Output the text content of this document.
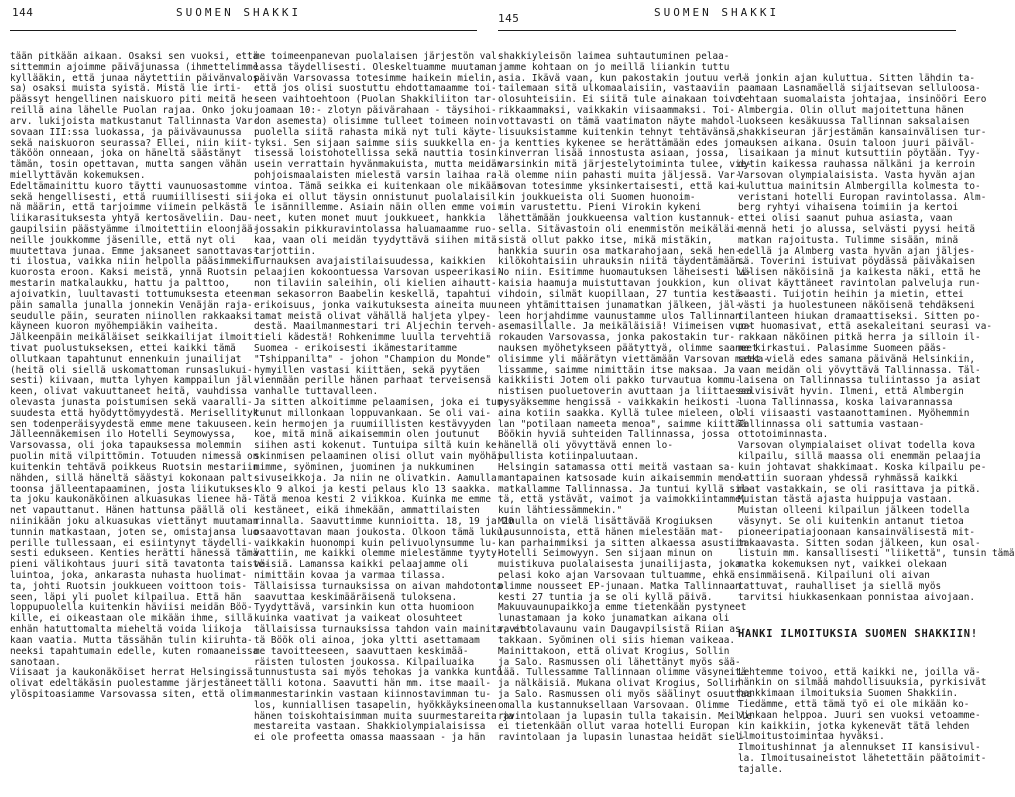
144	SUOMEN SHAKKI
tään pitkään aikaan. Osaksi sen vuoksi, että
sittemmin ajoimme päiväjunassa (ihmettelimme
kyllääkin, että junaa näytettiin päivänvalos-
sa) osaksi muista syistä. Mistä lie irti-
päässyt hengellinen naiskuoro piti meitä he-
reillä aina lähelle Puolan rajaa. Onko joku
arv. lukijoista matkustanut Tallinnasta Var-
sovaan III:ssa luokassa, ja päivävaunussa
sekä naiskuoron seurassa? Ellei, niin kiit-
täköön onneaan, joka on häneltä säästänyt
tämän, tosin opettavan, mutta sangen vähän
miellyttävän kokemuksen.
Edeltämainittu kuoro täytti vaunuosastomme
sekä hengellisesti, että ruumiillisesti sii-
nä määrin, että tarjoimme viimein pelkästä
liikarasituksesta yhtyä kertosäveliin. Dau-
gaupilsiin päästyämme ilmoitettiin eloonjää-
neille joukkomme jäsenille, että nyt oli
muutettava junaa. Emme jaksaneet sanottavas-
ti ilostua, vaikka niin helpolla pääsimmekin
kuorosta eroon. Kaksi meistä, ynnä Ruotsin
mestarin matkalaukku, hattu ja palttoo,
ajoivatkin, luultavasti tottumuksesta eteen-
päin samalla junalla jonnekin Venäjän raja-
seudulle päin, seuraten niinollen rakkaaksi
käyneen kuoron myöhempiäkin vaiheita.
Jälkeenpäin meikäläiset seikkailijat ilmoit-
tivat puolustukseksen, ettei kaikki tämä
ollutkaan tapahtunut ennenkuin junailijat
(heitä oli siellä uskomattoman runsaslukui-
sesti) kiivaan, mutta lyhyen kamppailun jäl-
keen, olivat vakuuttaneet heitä, vauhdissa
olevasta junasta poistumisen sekä vaaralli-
suudesta että hyödyttömyydestä. Merisellityk-
sen todenperäisyydestä emme mene takuuseen.
Jälleennäkemisen ilo Hotelli Seymowyssa,
Varsovassa, oli joka tapauksessa molemmin
puolin mitä vilpittömin. Totuuden nimessä on
kuitenkin tehtävä poikkeus Ruotsin mestariin
nähden, sillä häneltä säästyi kokonaan palt-
toonsa jälleentapaaminen, josta liikutukses-
ta joku kaukonäköinen alkuasukas lienee hä-
net vapauttanut. Hänen hattunsa päällä oli
niinikään joku alkuasukas viettänyt muutaman
tunnin matkastaan, joten se, omistajansa luo
perille tullessaan, ei esiintynyt täydelli-
sesti edukseen. Kenties herätti hänessä tämä
pieni välikohtaus juuri sitä tavatonta taiste-
luintoa, joka, ankarasta nuhasta huolimat-
ta, johti Ruotsin joukkueen voittoon tois-
seen, läpi yli puolet kilpailua. Että hän
loppupuolella kuitenkin häviisi meidän Böö-
kille, ei oikeastaan ole mikään ihme, sillä
enhän hatuttomalta mieheltä voida liikoja
kaan vaatia. Mutta tässähän tulin kiiruhta-
neeksi tapahtumain edelle, kuten romaaneissa
sanotaan.
Viisaat ja kaukonäköiset herrat Helsingissä
olivat edeltäkäsin puolestamme järjestäneet
ylöspitoasiamme Varsovassa siten, että olim-
me toimeenpanevan puolalaisen järjestön val-
lassa täydellisesti. Oleskeltuamme muutaman
päivän Varsovassa totesimme haikein mielin,
että jos olisi suostuttu ehdottamaamme toi-
seen vaihtoehtoon (Puolan Shakkiliiton tar-
joamaan 10:- zlotyn päivärahaan - täysihoi-
don asemesta) olisimme tulleet toimeen noin
puolella siitä rahasta mikä nyt tuli käyte-
tyksi. Sen sijaan saimme siis suukkella en-
tisessä loistohotellissa sekä nauttia tosin
usein verrattain hyvänmakuista, mutta meidän
pohjoismaalaisten mielestä varsin laihaa ra-
vintoa. Tämä seikka ei kuitenkaan ole mikään
joka ei ollut täysin onnistunut puolalaisil-
le isännillemme. Asiain näin ollen emme voi-
neet, kuten monet muut joukkueet, hankkia
jossakin pikkuravintolassa haluamaamme ruo-
kaa, vaan oli meidän tyydyttävä siihen mitä
tarjottiin.
Turnauksen avajaistilaisuudessa, kaikkien
pelaajien kokoontuessa Varsovan uspeerikasi-
non tilaviin saleihin, oli kielien aihautt-
man sekasorron Baabelin keskellä, tapahtui
erikoisuus, jonka vaikutuksesta aineita muu
tamat meistä olivat vähällä haljeta ylpey-
destä. Maailmanmestari tri Aljechin terveh-
tieli kädestä! Rohkenimme luulla tervehtiä
Suomea - erikoisesti ikämestaritamme
"Tshippanilta" - johon "Champion du Monde"
hymyillen vastasi kiittäen, sekä pyytäen
vienmään perille hänen parhaat terveisensä
vanhalle tuttavalleen.
Ja sitten alkoitimme pelaamisen, joka ei tun-
tunut millonkaan loppuvankaan. Se oli vai-
kein hermojen ja ruumiillisten kestävyyden
koe, mitä minä aikaisemmin olen joutunut
siihen asti kokenut. Tuntuipa siltä kuin ke-
skinmisen pelaaminen olisi ollut vain myöhäi-
mimme, syöminen, juominen ja nukkuminen
sivuseikkoja. Ja niin ne olivatkin. Aamulla
klo 9 alkoi ja kesti pelaus klo 13 saakka.
Tätä menoa kesti 2 viikkoa. Kuinka me emme
kestäneet, eikä ihmekään, ammattilaisten
rinnalla. Saavuttimme kunnioitta. 18, 19 ja 20
osaavottavan maan joukosta. Olkoon tämä luku,
vaikkakin huonompi kuin pelivuolynsumme lu-
vattiin, me kaikki olemme mielestämme tyyty-
väisiä. Lamanssa kaikki pelaajamme oli
nimittäin kovaa ja varmaa tilassa.
Tällaisissa turnauksissa on aivan mahdotonta
saavuttaa keskimääräisenä tuloksena.
Tyydyttävä, varsinkin kun otta huomioon
kuinka vaativat ja vaikeat olosuhteet
tällaisissa turnauksissa tahdon vain mainita, et-
tä Böök oli ainoa, joka yltti asettamaam
me tavoitteeseen, saavuttaen keskimää-
räisten tulosten joukossa. Kilpailuaika
tunnustusta sai myös tehokas ja vankka kunto
tälli kotona. Saavutti hän mm. itse maail-
manmestarinkin vastaan kiinnostavimman tu-
los, kunniallisen tasapelin, hyökkäyksineen
hänen toiskohtaisimman muita suurmestareita ja
mestareita vastaan. Shakkiolympialaisissa
ei ole profeetta omassa maassaan - ja hän
145	SUOMEN SHAKKI
shakkiyleisön laimea suhtautuminen pelaa-
jamme kohtaan on jo meillä liiankin tuttu
asia. Ikävä vaan, kun pakostakin joutuu ver-
tailemaan sitä ulkomaalaisiin, vastaaviin
olosuhteisiin. Ei siitä tule ainakaan toivo-
rikkaammaksi, vaikkakin viisaammaksi. Toi-
vottavasti on tämä vaatimaton näyte mahdol-
lisuuksistamme kuitenkin tehnyt tehtävänsä,
ja kentties kykenee se herättämään edes jon-
kinverran lisää innostusta asiaan, jossa,
varsinkin mitä järjestelytoiminta tulee, vie-
lä olemme niin pahasti muita jäljessä. Var-
sovan totesimme yksinkertaisesti, että kai-
kin joukkueista oli Suomen huonoim-
min varustettu. Pieni Virokin kykeni
lähettämään joukkueensa valtion kustannuk-
sella. Sitävastoin oli enemmistön meikäläi-
sistä ollut pakko itse, mikä mistäkin,
hankkia suurin osa matkarahojaan, sekä hen-
kilökohtaisiin uhrauksin niitä täydentämään.
No niin. Esitimme huomautuksen läheisesti li-
kaisia haamuja muistuttavan joukkion, kun
vihdoin, silmät kuopillaan, 27 tuntia kestä-
neen yhtämittaisen junamatkan jälkeen, jäl-
leen horjahdimme vaunustamme ulos Tallinnan
asemasillalle. Ja meikäläisiä! Viimeisen vuo-
rokauden Varsovassa, jonka pakostakin tur-
nauksen myöhetykseen päätyttyä, olimme saaneet
olisimme yli määrätyn viettämään Varsovan matka-
lissamme, saimme nimittäin itse maksaa. Ja
kaikkiisti Jotem oli pakko turvautua kommu-
nistisen puoluetoverin avuttaan ja liittaessa
pysyäksemme hengissä - vaikkakin heikosti -
aina kotiin saakka. Kyllä tulee mieleen, ol-
lan "potilaan nameeta menoa", saimme kiittää
Böökin hyviä suhteiden Tallinnassa, jossa
hänellä oli yövyttävä ennen lo-
pullista kotiinpaluutaan.
Helsingin satamassa otti meitä vastaan sa-
mantapainen katsosade kuin aikaisemmin meno-
matkallamme Tallinnassa. Ja tuntui kyllä sil-
tä, että ystävät, vaimot ja vaimokkiintamme,
kuin lähtiessämmekin."
Minulla on vielä lisättävää Krogiuksen
lausunnoista, että hänen mielestään mat-
kan parhaimmiksi ja sitten alkaessa asustiin
Hotelli Seimowyyn. Sen sijaan minun on
muistikuva puolalaisesta junailijasta, joka
pelasi koko ajan Varsovaan tultuamme, ehkä
olimme nousseet EP-junaan. Matka Tallinnaan
kesti 27 tuntia ja se oli kyllä päivä.
Makuuvaunupaikkoja emme tietenkään pystyneet
lunastamaan ja koko junamatkan aikana oli
ravintolavaunu vain Daugavpilsistä Riian as-
takkaan. Syöminen oli siis hieman vaikeaa.
Mainittakoon, että olivat Krogius, Sollin
ja Salo. Rasmussen oli lähettänyt myös sää-
lää. Tullessamme Tallinnaan olimme väsyneitä
ja nälkäisiä. Mukana olivat Krogius, Sollin
ja Salo. Rasmussen oli myös säälinyt osuuttaa
omalla kustannuksellaan Varsovaan. Olimme
ravintolaan ja lupasin tulla takaisin. Meille
ei tietenkään ollut varaa hotelli Europan
ravintolaan ja lupasin lunastaa heidät siel-

lä jonkin ajan kuluttua. Sitten lähdin ta-
paamaan Lasnamäellä sijaitsevan selluloosa-
tehtaan suomalaista johtajaa, insinööri Eero
Almbergia. Olin ollut majoitettuna hänen
luokseen kesäkuussa Tallinnan saksalaisen
shakkiseuran järjestämän kansainvälisen tur-
nauksen aikana. Osuin taloon juuri päiväl-
lisaikaan ja minut kutsuttiin pöytään. Tyy-
dytin kaikessa rauhassa nälkäni ja kerroin
Varsovan olympialaisista. Vasta hyvän ajan
kuluttua mainitsin Almbergilla kolmesta to-
veristani hotelli Europan ravintolassa. Alm-
berg ryhtyi vihaisena toimiin ja kertoi
ettei olisi saanut puhua asiasta, vaan
mennä heti jo alussa, selvästi pyysi heitä
matkan rajoitusta. Tulimme sisään, minä
edellä ja Almberg vasta hyvän ajan jäljes-
sä. Toverini istuivat pöydässä päiväkaisen
välisen näköisinä ja kaikesta näki, että he
olivat käyttäneet ravintolan palveluja run-
saasti. Tuijotin heihin ja mietin, ettei
västi ja huolestuneen näköisenä tehdäkseni
tilanteen hiukan dramaattiseksi. Sitten po-
pat huomasivat, että asekaleitani seurasi va-
rakkaan näköinen pitkä herra ja silloin il-
me kirkastui. Palasimme Suomeen pääs-
seet vielä edes samana päivänä Helsinkiin,
vaan meidän oli yövyttävä Tallinnassa. Täl-
laisena on Tallinnassa tuliintasso ja asiat
selvisivät hyvin. Ilmeni, että Almbergin
luona Tallinnassa, koska laivarannassa
oli viisaasti vastaanottaminen. Myöhemmin
Tallinnassa oli sattumia vastaan-
ottotoiminnasta.
Varsovan olympialaiset olivat todella kova
kilpailu, sillä maassa oli enemmän pelaajia
kuin johtavat shakkimaat. Koska kilpailu pe-
lattiin suoraan yhdessä ryhmässä kaikki
maat vastakkain, se oli rasittava ja pitkä.
Muistan tästä ajasta huippuja vastaan.
Muistan olleeni kilpailun jälkeen todella
väsynyt. Se oli kuitenkin antanut tietoa
pioneeripatiajoonaan kansainvälisestä mit-
takaavasta. Sitten sodan jälkeen, kun osal-
listuin mm. kansallisesti "liikettä", tunsin tämä
matka kokemuksen nyt, vaikkei olekaan
ensimmäisenä. Kilpailuni oli aivan
tattuvat, rauhalliset ja siellä myös
tarvitsi hiukkasenkaan ponnistaa aivojaan.

HANKI ILMOITUKSIA SUOMEN SHAKKIIN!

Lehtemme toivoo, että kaikki ne, joilla vä-
hänkin on silmää mahdollisuuksia, pyrkisivät
hankkimaan ilmoituksia Suomen Shakkiin.
Tiedämme, että tämä työ ei ole mikään ko-
vinkaan helppoa. Juuri sen vuoksi vetoamme-
kin kaikkiin, jotka kykenevät tätä lehden
ilmoitustoimintaa hyväksi.
Ilmoitushinnat ja alennukset II kansisivul-
la. Ilmoitusaineistot lähetettäin päätoimit-
tajalle.
